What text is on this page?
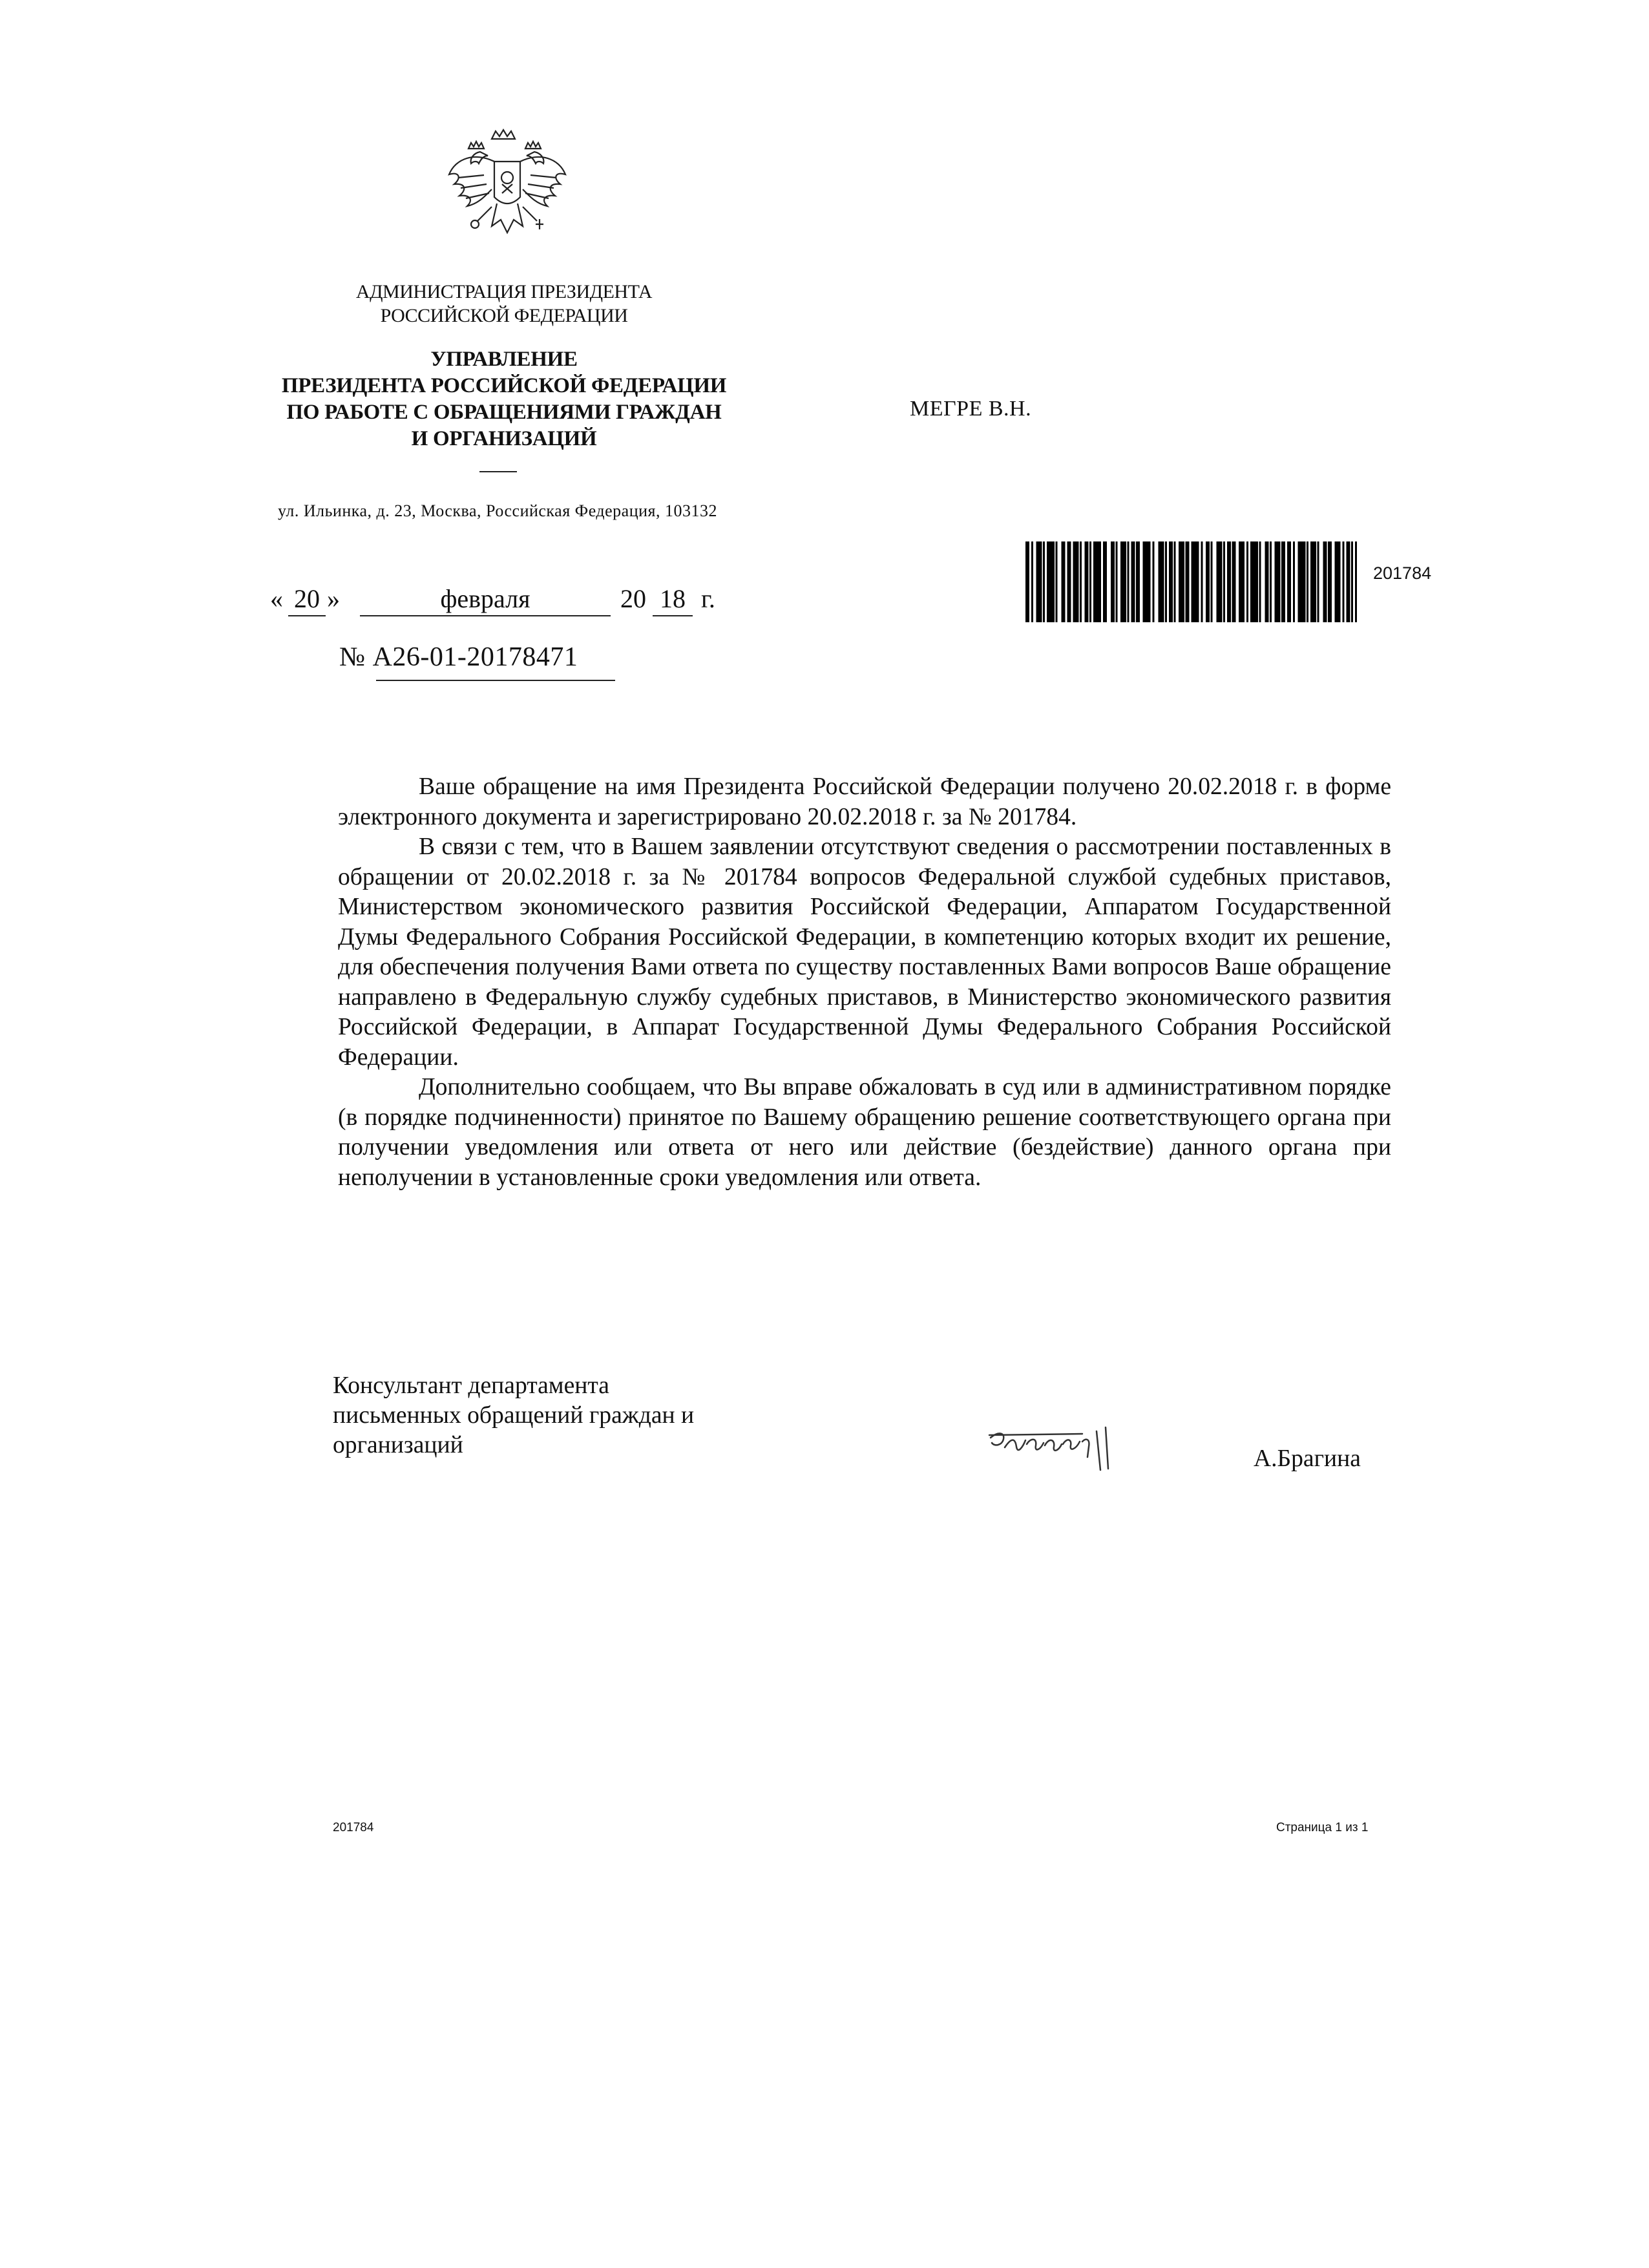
АДМИНИСТРАЦИЯ ПРЕЗИДЕНТА
РОССИЙСКОЙ ФЕДЕРАЦИИ
УПРАВЛЕНИЕ
ПРЕЗИДЕНТА РОССИЙСКОЙ ФЕДЕРАЦИИ
ПО РАБОТЕ С ОБРАЩЕНИЯМИ ГРАЖДАН
И ОРГАНИЗАЦИЙ
ул. Ильинка, д. 23, Москва, Российская Федерация, 103132
МЕГРЕ В.Н.
201784
« 20 »	февраля	20 18 г.
№ А26-01-20178471

Ваше обращение на имя Президента Российской Федерации получено 20.02.2018 г. в форме электронного документа и зарегистрировано 20.02.2018 г. за № 201784.

В связи с тем, что в Вашем заявлении отсутствуют сведения о рассмотрении поставленных в обращении от 20.02.2018 г. за № 201784 вопросов Федеральной службой судебных приставов, Министерством экономического развития Российской Федерации, Аппаратом Государственной Думы Федерального Собрания Российской Федерации, в компетенцию которых входит их решение, для обеспечения получения Вами ответа по существу поставленных Вами вопросов Ваше обращение направлено в Федеральную службу судебных приставов, в Министерство экономического развития Российской Федерации, в Аппарат Государственной Думы Федерального Собрания Российской Федерации.

Дополнительно сообщаем, что Вы вправе обжаловать в суд или в административном порядке (в порядке подчиненности) принятое по Вашему обращению решение соответствующего органа при получении уведомления или ответа от него или действие (бездействие) данного органа при неполучении в установленные сроки уведомления или ответа.

Консультант департамента
письменных обращений граждан и
организаций
А.Брагина
201784	Страница 1 из 1
